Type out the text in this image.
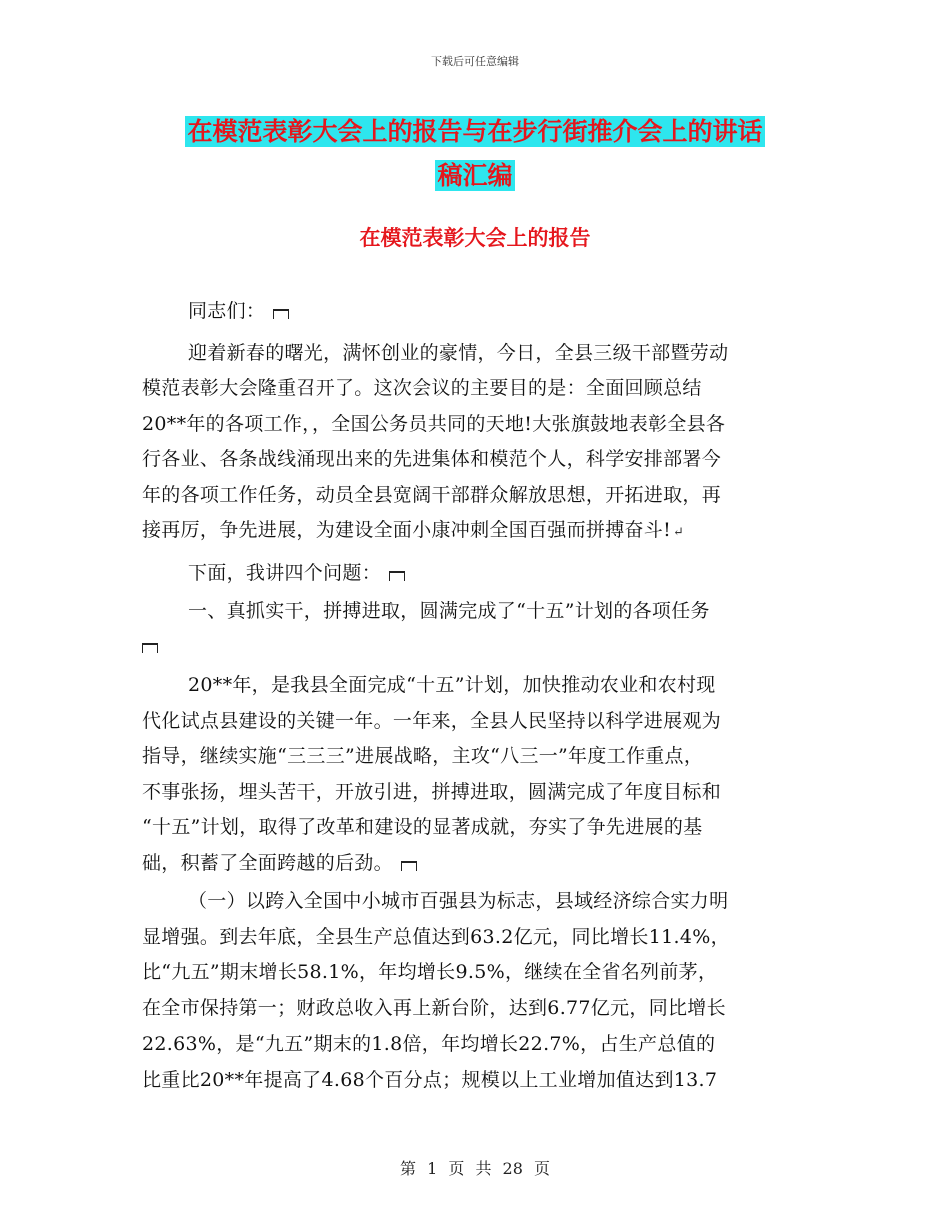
下载后可任意编辑
在模范表彰大会上的报告与在步行街推介会上的讲话
稿汇编
在模范表彰大会上的报告
同志们：
迎着新春的曙光，满怀创业的豪情，今日，全县三级干部暨劳动
模范表彰大会隆重召开了。这次会议的主要目的是：全面回顾总结
20**年的各项工作，，全国公务员共同的天地!大张旗鼓地表彰全县各
行各业、各条战线涌现出来的先进集体和模范个人，科学安排部署今
年的各项工作任务，动员全县宽阔干部群众解放思想，开拓进取，再
接再厉，争先进展，为建设全面小康冲刺全国百强而拼搏奋斗! ↵
下面，我讲四个问题：
一、真抓实干，拼搏进取，圆满完成了“十五”计划的各项任务
20**年，是我县全面完成“十五”计划，加快推动农业和农村现
代化试点县建设的关键一年。一年来，全县人民坚持以科学进展观为
指导，继续实施“三三三”进展战略，主攻“八三一”年度工作重点，
不事张扬，埋头苦干，开放引进，拼搏进取，圆满完成了年度目标和
“十五”计划，取得了改革和建设的显著成就，夯实了争先进展的基
础，积蓄了全面跨越的后劲。
（一）以跨入全国中小城市百强县为标志，县域经济综合实力明
显增强。到去年底，全县生产总值达到63.2亿元，同比增长11.4%，
比“九五”期末增长58.1%，年均增长9.5%，继续在全省名列前茅，
在全市保持第一；财政总收入再上新台阶，达到6.77亿元，同比增长
22.63%，是“九五”期末的1.8倍，年均增长22.7%，占生产总值的
比重比20**年提高了4.68个百分点；规模以上工业增加值达到13.7
第 1 页 共 28 页
